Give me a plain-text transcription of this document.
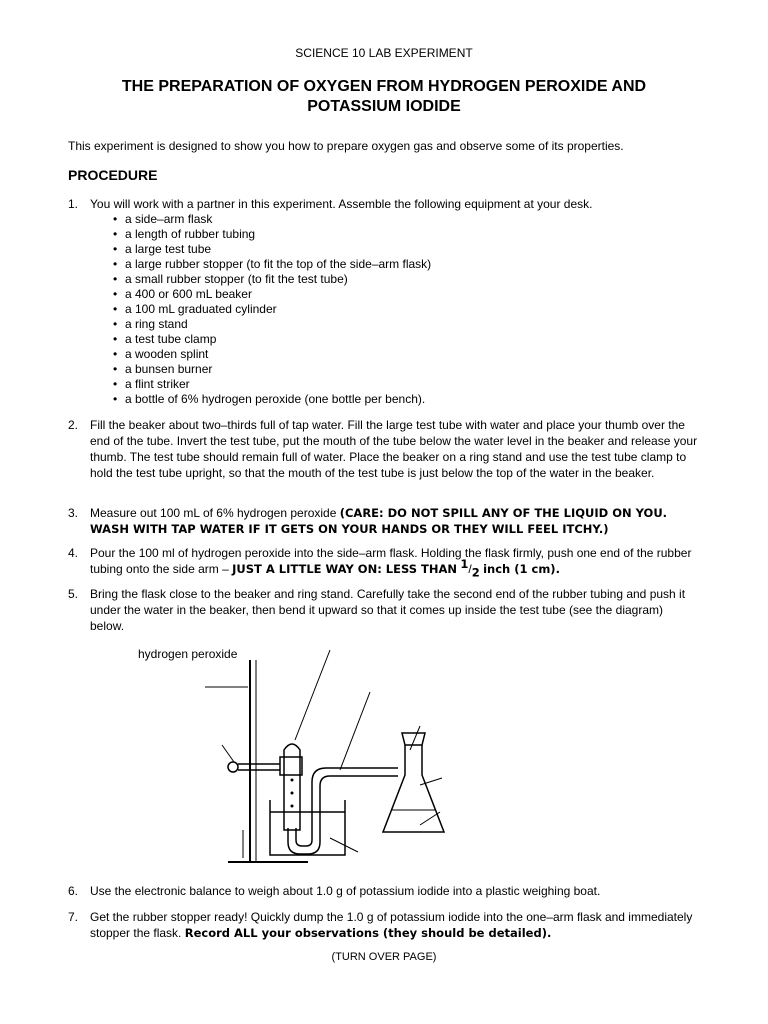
SCIENCE 10 LAB EXPERIMENT
THE PREPARATION OF OXYGEN FROM HYDROGEN PEROXIDE AND
POTASSIUM IODIDE
This experiment is designed to show you how to prepare oxygen gas and observe some of its properties.
PROCEDURE
1. You will work with a partner in this experiment. Assemble the following equipment at your desk.
• a side–arm flask
• a length of rubber tubing
• a large test tube
• a large rubber stopper (to fit the top of the side–arm flask)
• a small rubber stopper (to fit the test tube)
• a 400 or 600 mL beaker
• a 100 mL graduated cylinder
• a ring stand
• a test tube clamp
• a wooden splint
• a bunsen burner
• a flint striker
• a bottle of 6% hydrogen peroxide (one bottle per bench).
2. Fill the beaker about two–thirds full of tap water. Fill the large test tube with water and place your thumb over the end of the tube. Invert the test tube, put the mouth of the tube below the water level in the beaker and release your thumb. The test tube should remain full of water. Place the beaker on a ring stand and use the test tube clamp to hold the test tube upright, so that the mouth of the test tube is just below the top of the water in the beaker.
3. Measure out 100 mL of 6% hydrogen peroxide (CARE: DO NOT SPILL ANY OF THE LIQUID ON YOU. WASH WITH TAP WATER IF IT GETS ON YOUR HANDS OR THEY WILL FEEL ITCHY.)
4. Pour the 100 ml of hydrogen peroxide into the side–arm flask. Holding the flask firmly, push one end of the rubber tubing onto the side arm – JUST A LITTLE WAY ON: LESS THAN $^1/_2$ inch (1 cm).
5. Bring the flask close to the beaker and ring stand. Carefully take the second end of the rubber tubing and push it under the water in the beaker, then bend it upward so that it comes up inside the test tube (see the diagram) below.
hydrogen peroxide
6. Use the electronic balance to weigh about 1.0 g of potassium iodide into a plastic weighing boat.
7. Get the rubber stopper ready! Quickly dump the 1.0 g of potassium iodide into the one–arm flask and immediately stopper the flask. Record ALL your observations (they should be detailed).
(TURN OVER PAGE)
